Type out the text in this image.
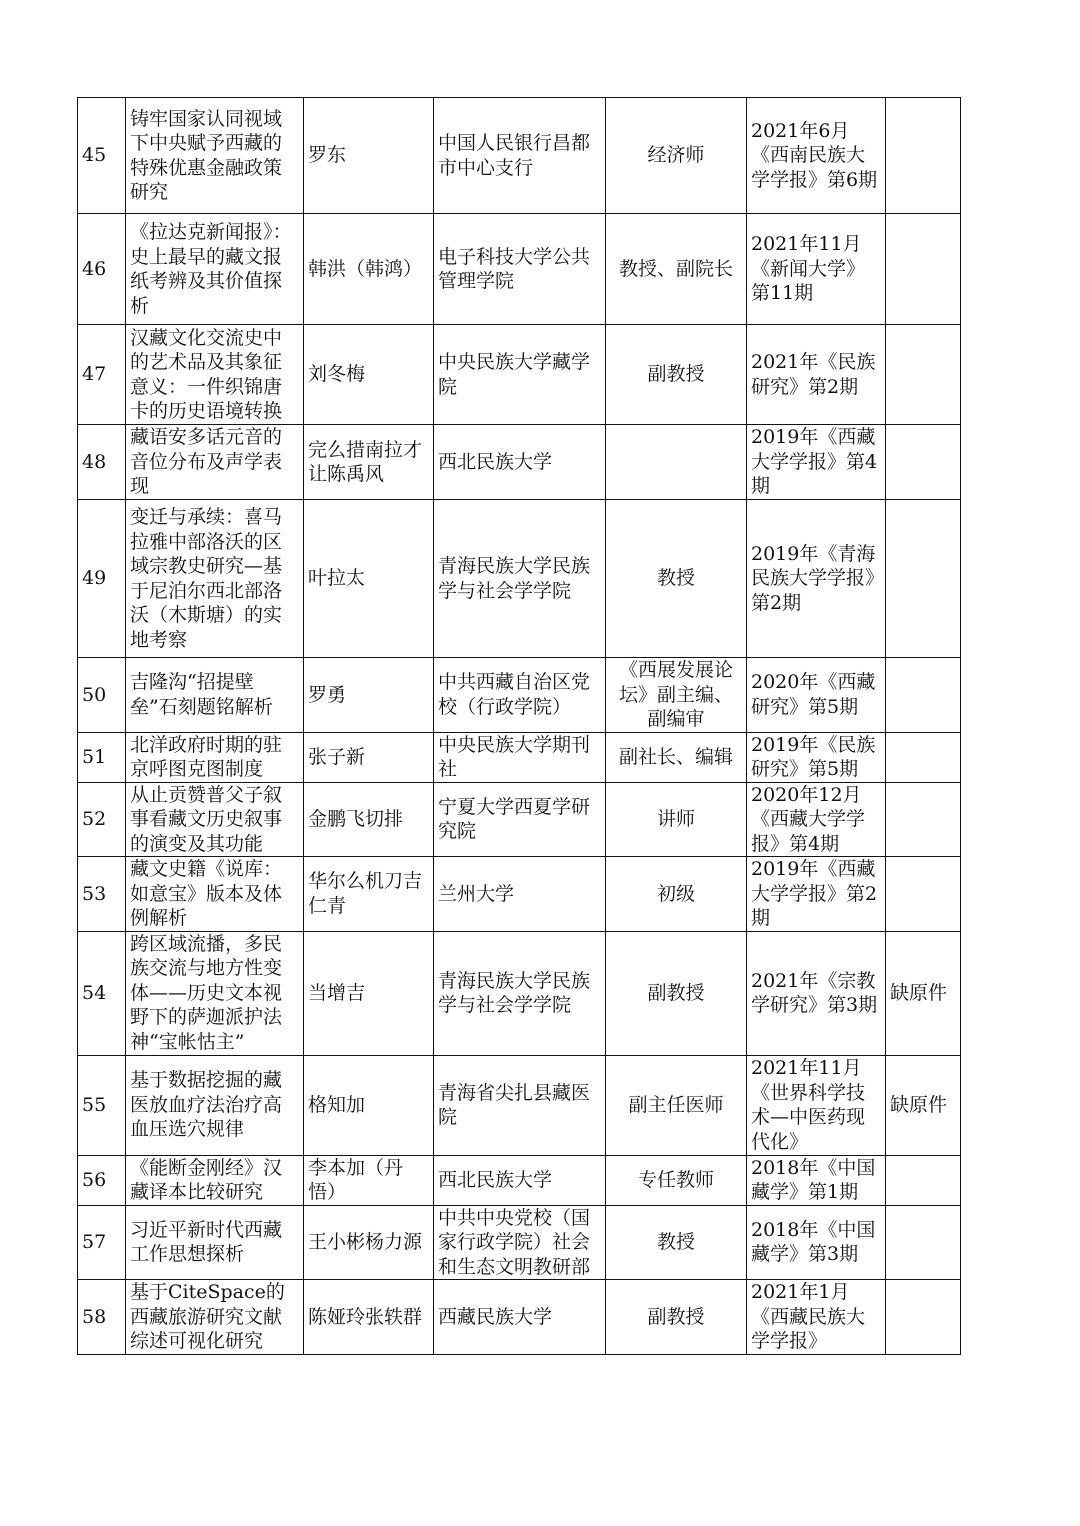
45	铸牢国家认同视域下中央赋予西藏的特殊优惠金融政策研究	罗东	中国人民银行昌都市中心支行	经济师	2021年6月《西南民族大学学报》第6期	
46	《拉达克新闻报》：史上最早的藏文报纸考辨及其价值探析	韩洪（韩鸿）	电子科技大学公共管理学院	教授、副院长	2021年11月《新闻大学》第11期	
47	汉藏文化交流史中的艺术品及其象征意义：一件织锦唐卡的历史语境转换	刘冬梅	中央民族大学藏学院	副教授	2021年《民族研究》第2期	
48	藏语安多话元音的音位分布及声学表现	完么措南拉才让陈禹风	西北民族大学		2019年《西藏大学学报》第4期	
49	变迁与承续：喜马拉雅中部洛沃的区域宗教史研究—基于尼泊尔西北部洛沃（木斯塘）的实地考察	叶拉太	青海民族大学民族学与社会学学院	教授	2019年《青海民族大学学报》第2期	
50	吉隆沟“招提壁垒”石刻题铭解析	罗勇	中共西藏自治区党校（行政学院）	《西展发展论坛》副主编、副编审	2020年《西藏研究》第5期	
51	北洋政府时期的驻京呼图克图制度	张子新	中央民族大学期刊社	副社长、编辑	2019年《民族研究》第5期	
52	从止贡赞普父子叙事看藏文历史叙事的演变及其功能	金鹏飞切排	宁夏大学西夏学研究院	讲师	2020年12月《西藏大学学报》第4期	
53	藏文史籍《说库：如意宝》版本及体例解析	华尔么机刀吉仁青	兰州大学	初级	2019年《西藏大学学报》第2期	
54	跨区域流播，多民族交流与地方性变体——历史文本视野下的萨迦派护法神“宝帐怙主”	当增吉	青海民族大学民族学与社会学学院	副教授	2021年《宗教学研究》第3期	缺原件
55	基于数据挖掘的藏医放血疗法治疗高血压选穴规律	格知加	青海省尖扎县藏医院	副主任医师	2021年11月《世界科学技术—中医药现代化》	缺原件
56	《能断金刚经》汉藏译本比较研究	李本加（丹悟）	西北民族大学	专任教师	2018年《中国藏学》第1期	
57	习近平新时代西藏工作思想探析	王小彬杨力源	中共中央党校（国家行政学院）社会和生态文明教研部	教授	2018年《中国藏学》第3期	
58	基于CiteSpace的西藏旅游研究文献综述可视化研究	陈娅玲张轶群	西藏民族大学	副教授	2021年1月《西藏民族大学学报》	
